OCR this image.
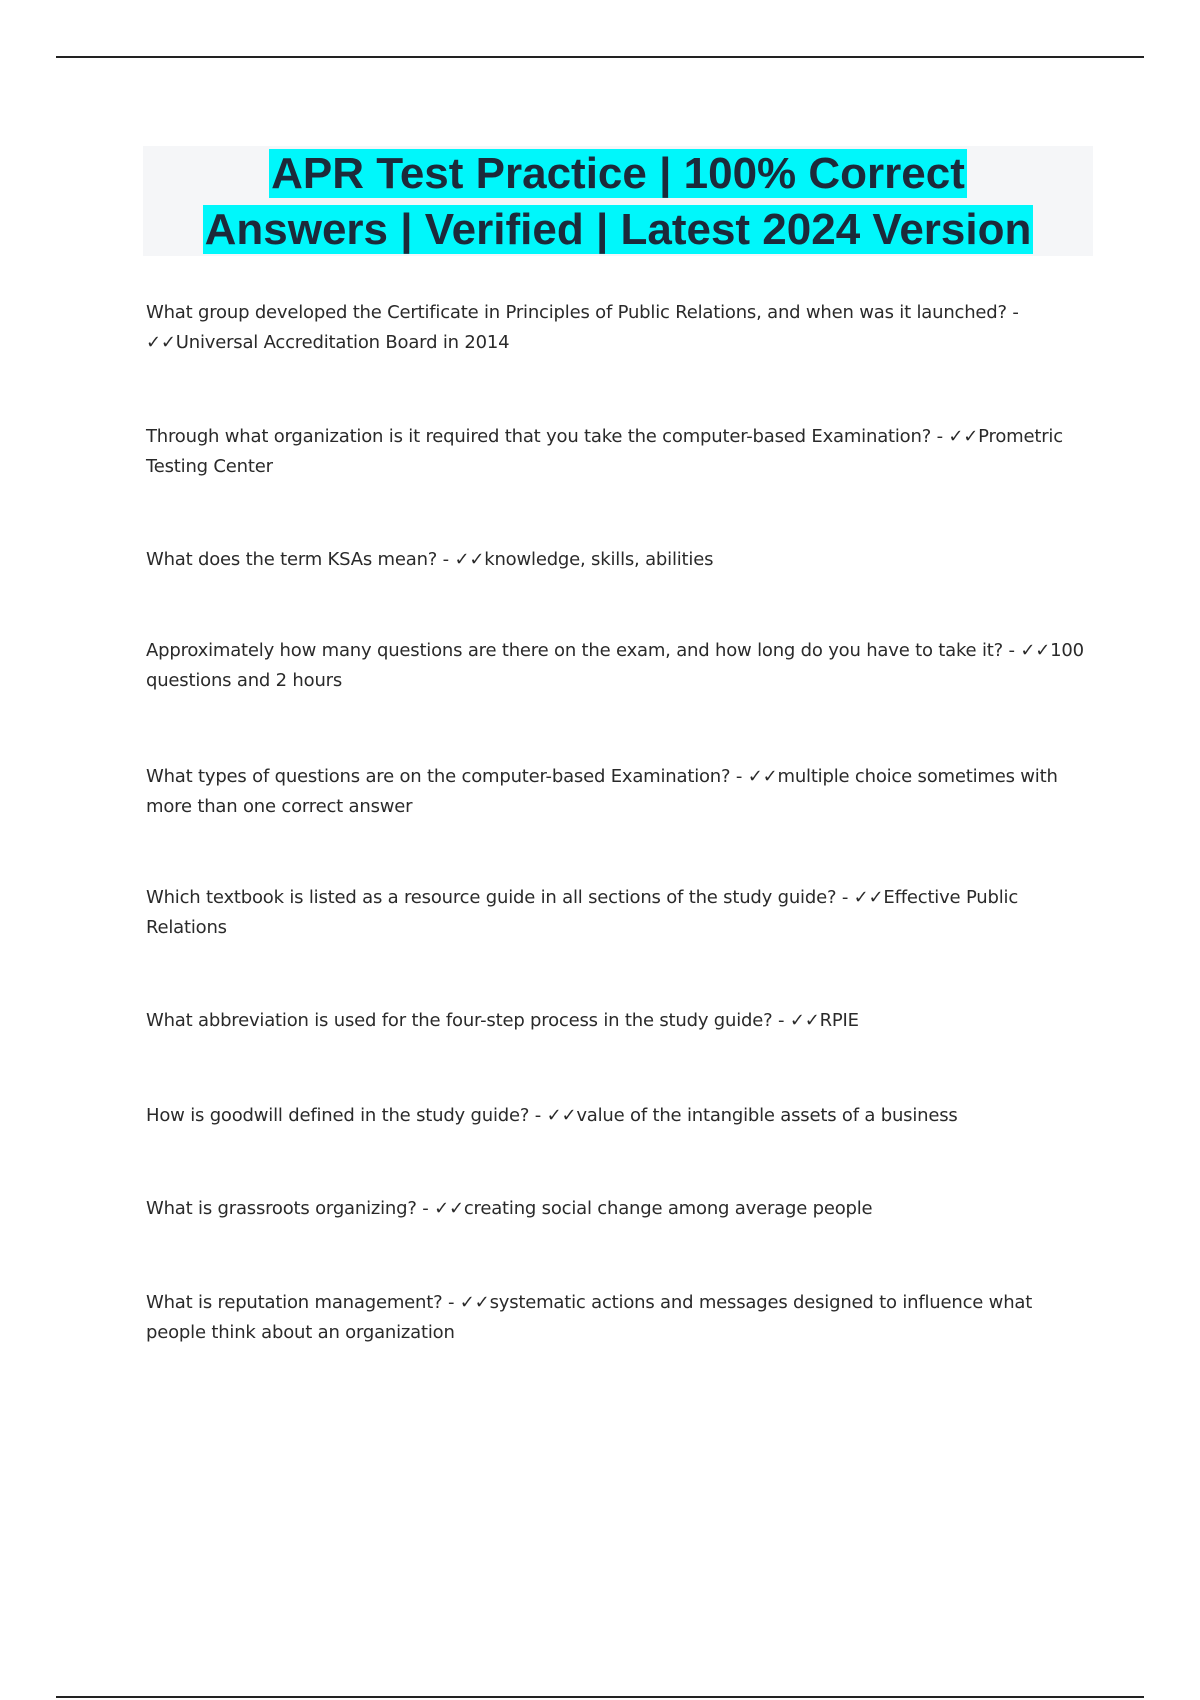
APR Test Practice | 100% Correct
Answers | Verified | Latest 2024 Version
What group developed the Certificate in Principles of Public Relations, and when was it launched? - ✓✓Universal Accreditation Board in 2014
Through what organization is it required that you take the computer-based Examination? - ✓✓Prometric Testing Center
What does the term KSAs mean? - ✓✓knowledge, skills, abilities
Approximately how many questions are there on the exam, and how long do you have to take it? - ✓✓100 questions and 2 hours
What types of questions are on the computer-based Examination? - ✓✓multiple choice sometimes with more than one correct answer
Which textbook is listed as a resource guide in all sections of the study guide? - ✓✓Effective Public Relations
What abbreviation is used for the four-step process in the study guide? - ✓✓RPIE
How is goodwill defined in the study guide? - ✓✓value of the intangible assets of a business
What is grassroots organizing? - ✓✓creating social change among average people
What is reputation management? - ✓✓systematic actions and messages designed to influence what people think about an organization
